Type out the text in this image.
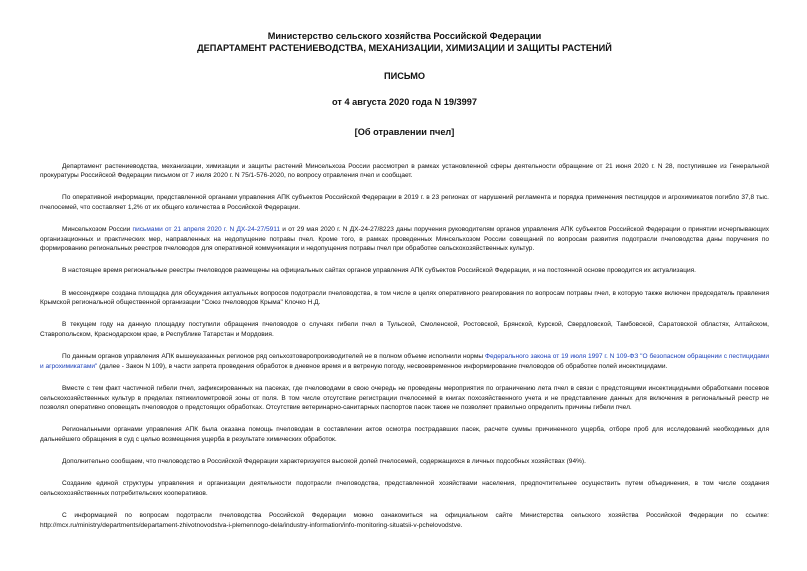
Министерство сельского хозяйства Российской Федерации
ДЕПАРТАМЕНТ РАСТЕНИЕВОДСТВА, МЕХАНИЗАЦИИ, ХИМИЗАЦИИ И ЗАЩИТЫ РАСТЕНИЙ
ПИСЬМО
от 4 августа 2020 года N 19/3997
[Об отравлении пчел]

Департамент растениеводства, механизации, химизации и защиты растений Минсельхоза России рассмотрел в рамках установленной сферы деятельности обращение от 21 июня 2020 г. N 28, поступившее из Генеральной прокуратуры Российской Федерации письмом от 7 июля 2020 г. N 75/1-576-2020, по вопросу отравления пчел и сообщает.

По оперативной информации, представленной органами управления АПК субъектов Российской Федерации в 2019 г. в 23 регионах от нарушений регламента и порядка применения пестицидов и агрохимикатов погибло 37,8 тыс. пчелосемей, что составляет 1,2% от их общего количества в Российской Федерации.

Минсельхозом России письмами от 21 апреля 2020 г. N ДХ-24-27/5911 и от 29 мая 2020 г. N ДХ-24-27/8223 даны поручения руководителям органов управления АПК субъектов Российской Федерации о принятии исчерпывающих организационных и практических мер, направленных на недопущение потравы пчел. Кроме того, в рамках проведенных Минсельхозом России совещаний по вопросам развития подотрасли пчеловодства даны поручения по формированию региональных реестров пчеловодов для оперативной коммуникации и недопущения потравы пчел при обработке сельскохозяйственных культур.

В настоящее время региональные реестры пчеловодов размещены на официальных сайтах органов управления АПК субъектов Российской Федерации, и на постоянной основе проводится их актуализация.

В мессенджере создана площадка для обсуждения актуальных вопросов подотрасли пчеловодства, в том числе в целях оперативного реагирования по вопросам потравы пчел, в которую также включен председатель правления Крымской региональной общественной организации "Союз пчеловодов Крыма" Клочко Н.Д.

В текущем году на данную площадку поступили обращения пчеловодов о случаях гибели пчел в Тульской, Смоленской, Ростовской, Брянской, Курской, Свердловской, Тамбовской, Саратовской областях, Алтайском, Ставропольском, Краснодарском крае, в Республике Татарстан и Мордовия.

По данным органов управления АПК вышеуказанных регионов ряд сельхозтоваропроизводителей не в полном объеме исполнили нормы Федерального закона от 19 июля 1997 г. N 109-ФЗ "О безопасном обращении с пестицидами и агрохимикатами" (далее - Закон N 109), в части запрета проведения обработок в дневное время и в ветреную погоду, несвоевременное информирование пчеловодов об обработке полей инсектицидами.

Вместе с тем факт частичной гибели пчел, зафиксированных на пасеках, где пчеловодами в свою очередь не проведены мероприятия по ограничению лета пчел в связи с предстоящими инсектицидными обработками посевов сельскохозяйственных культур в пределах пятикилометровой зоны от поля. В том числе отсутствие регистрации пчелосемей в книгах похозяйственного учета и не представление данных для включения в региональный реестр не позволял оперативно оповещать пчеловодов о предстоящих обработках. Отсутствие ветеринарно-санитарных паспортов пасек также не позволяет правильно определить причины гибели пчел.

Региональными органами управления АПК была оказана помощь пчеловодам в составлении актов осмотра пострадавших пасек, расчете суммы причиненного ущерба, отборе проб для исследований необходимых для дальнейшего обращения в суд с целью возмещения ущерба в результате химических обработок.

Дополнительно сообщаем, что пчеловодство в Российской Федерации характеризуется высокой долей пчелосемей, содержащихся в личных подсобных хозяйствах (94%).

Создание единой структуры управления и организации деятельности подотрасли пчеловодства, представленной хозяйствами населения, предпочтительнее осуществить путем объединения, в том числе создания сельскохозяйственных потребительских кооперативов.

С информацией по вопросам подотрасли пчеловодства Российской Федерации можно ознакомиться на официальном сайте Министерства сельского хозяйства Российской Федерации по ссылке: http://mcx.ru/ministry/departments/departament-zhivotnovodstva-i-plemennogo-dela/industry-information/info-monitoring-situatsii-v-pchelovodstve.
